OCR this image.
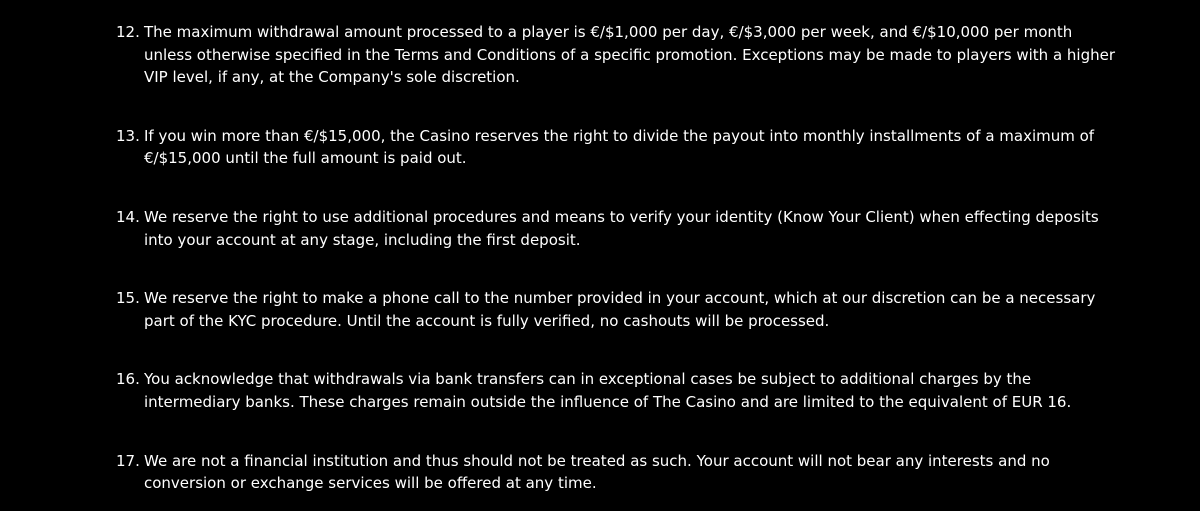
12. The maximum withdrawal amount processed to a player is €/$1,000 per day, €/$3,000 per week, and €/$10,000 per month unless otherwise specified in the Terms and Conditions of a specific promotion. Exceptions may be made to players with a higher VIP level, if any, at the Company's sole discretion.
13. If you win more than €/$15,000, the Casino reserves the right to divide the payout into monthly installments of a maximum of €/$15,000 until the full amount is paid out.
14. We reserve the right to use additional procedures and means to verify your identity (Know Your Client) when effecting deposits into your account at any stage, including the first deposit.
15. We reserve the right to make a phone call to the number provided in your account, which at our discretion can be a necessary part of the KYC procedure. Until the account is fully verified, no cashouts will be processed.
16. You acknowledge that withdrawals via bank transfers can in exceptional cases be subject to additional charges by the intermediary banks. These charges remain outside the influence of The Casino and are limited to the equivalent of EUR 16.
17. We are not a financial institution and thus should not be treated as such. Your account will not bear any interests and no conversion or exchange services will be offered at any time.
